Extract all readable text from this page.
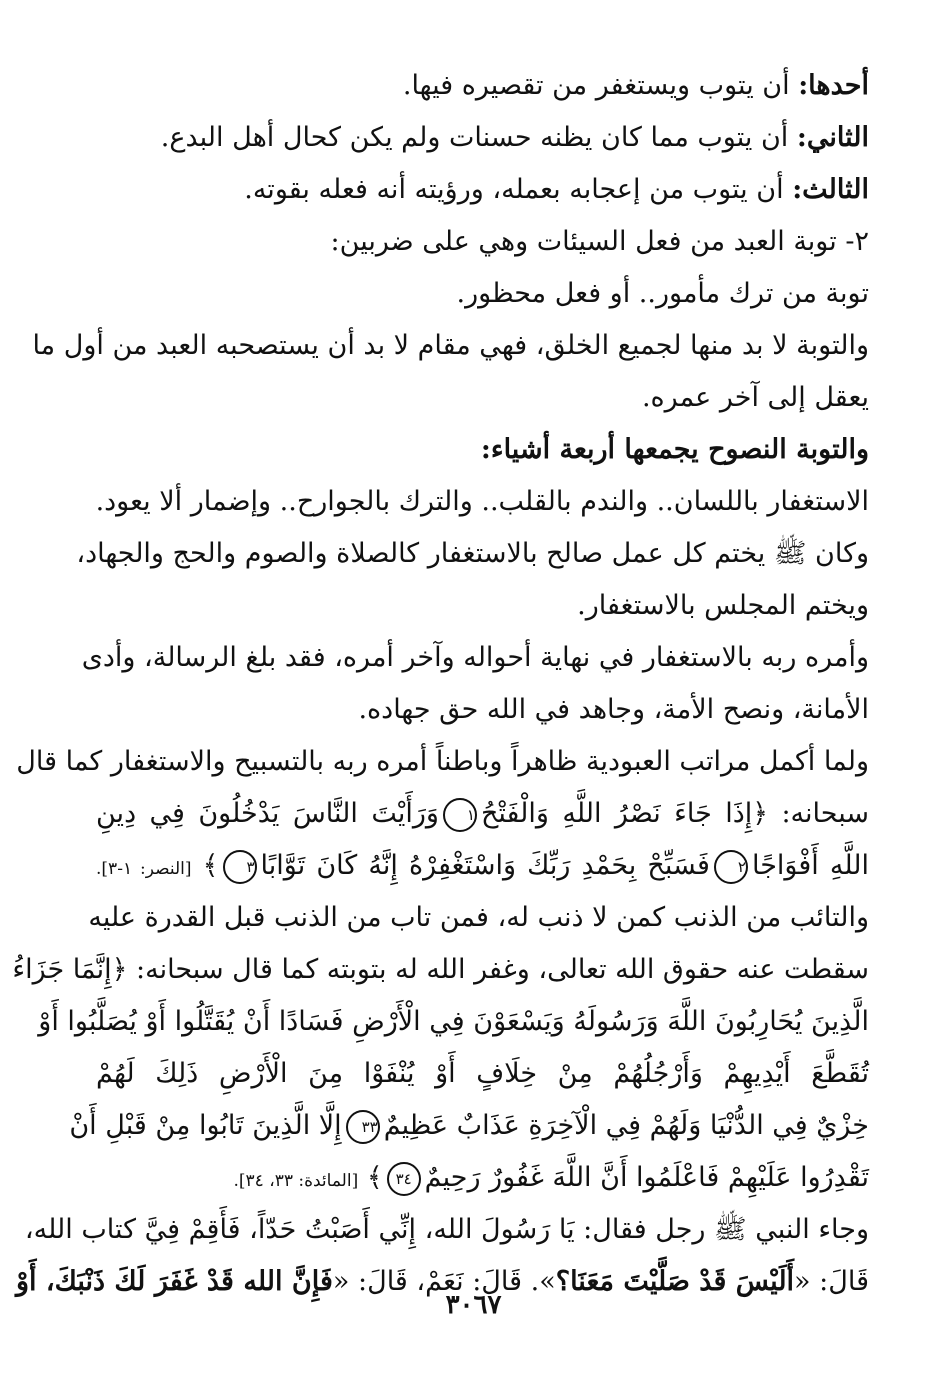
أحدها: أن يتوب ويستغفر من تقصيره فيها.
الثاني: أن يتوب مما كان يظنه حسنات ولم يكن كحال أهل البدع.
الثالث: أن يتوب من إعجابه بعمله، ورؤيته أنه فعله بقوته.
٢- توبة العبد من فعل السيئات وهي على ضربين:
توبة من ترك مأمور.. أو فعل محظور.
والتوبة لا بد منها لجميع الخلق، فهي مقام لا بد أن يستصحبه العبد من أول ما
يعقل إلى آخر عمره.
والتوبة النصوح يجمعها أربعة أشياء:
الاستغفار باللسان.. والندم بالقلب.. والترك بالجوارح.. وإضمار ألا يعود.
وكان ﷺ يختم كل عمل صالح بالاستغفار كالصلاة والصوم والحج والجهاد،
ويختم المجلس بالاستغفار.
وأمره ربه بالاستغفار في نهاية أحواله وآخر أمره، فقد بلغ الرسالة، وأدى
الأمانة، ونصح الأمة، وجاهد في الله حق جهاده.
ولما أكمل مراتب العبودية ظاهراً وباطناً أمره ربه بالتسبيح والاستغفار كما قال
سبحانه: ﴿إِذَا جَاءَ نَصْرُ اللَّهِ وَالْفَتْحُ١وَرَأَيْتَ النَّاسَ يَدْخُلُونَ فِي دِينِ
اللَّهِ أَفْوَاجًا٢فَسَبِّحْ بِحَمْدِ رَبِّكَ وَاسْتَغْفِرْهُ إِنَّهُ كَانَ تَوَّابًا٣﴾ [النصر: ١-٣].
والتائب من الذنب كمن لا ذنب له، فمن تاب من الذنب قبل القدرة عليه
سقطت عنه حقوق الله تعالى، وغفر الله له بتوبته كما قال سبحانه: ﴿إِنَّمَا جَزَاءُ
الَّذِينَ يُحَارِبُونَ اللَّهَ وَرَسُولَهُ وَيَسْعَوْنَ فِي الْأَرْضِ فَسَادًا أَنْ يُقَتَّلُوا أَوْ يُصَلَّبُوا أَوْ
تُقَطَّعَ أَيْدِيهِمْ وَأَرْجُلُهُمْ مِنْ خِلَافٍ أَوْ يُنْفَوْا مِنَ الْأَرْضِ ذَلِكَ لَهُمْ
خِزْيٌ فِي الدُّنْيَا وَلَهُمْ فِي الْآخِرَةِ عَذَابٌ عَظِيمٌ٣٣إِلَّا الَّذِينَ تَابُوا مِنْ قَبْلِ أَنْ
تَقْدِرُوا عَلَيْهِمْ فَاعْلَمُوا أَنَّ اللَّهَ غَفُورٌ رَحِيمٌ٣٤﴾ [المائدة: ٣٣، ٣٤].
وجاء النبي ﷺ رجل فقال: يَا رَسُولَ الله، إِنِّي أَصَبْتُ حَدّاً، فَأَقِمْ فِيَّ كتاب الله،
قَالَ: «أَلَيْسَ قَدْ صَلَّيْتَ مَعَنَا؟». قَالَ: نَعَمْ، قَالَ: «فَإِنَّ الله قَدْ غَفَرَ لَكَ ذَنْبَكَ، أَوْ
٣٠٦٧
